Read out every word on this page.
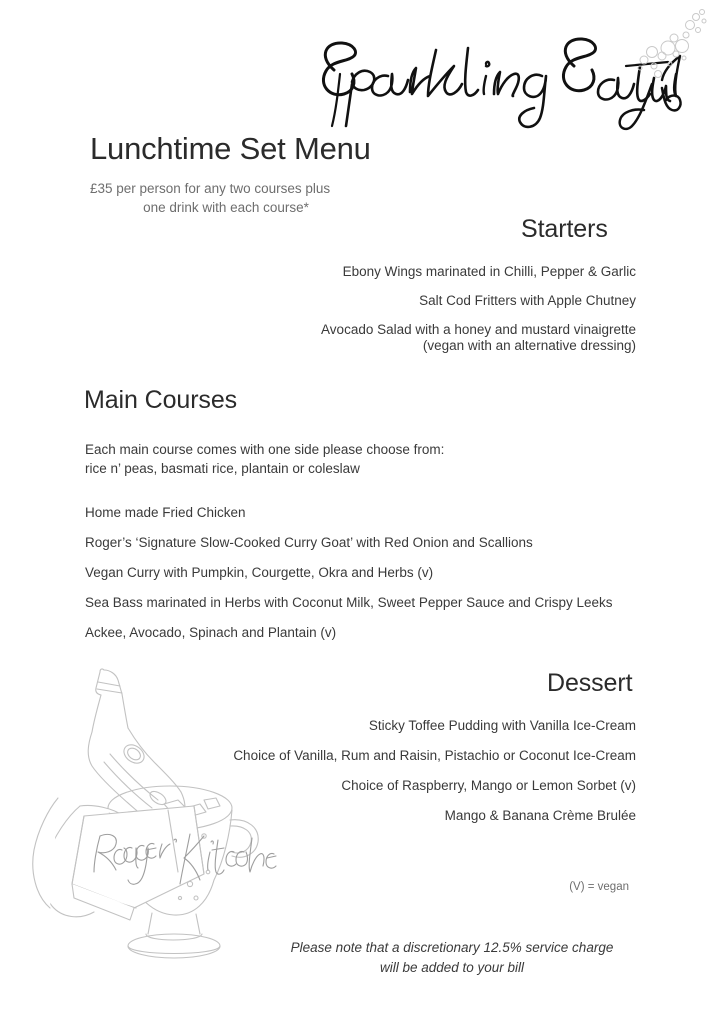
Lunchtime Set Menu
£35 per person for any two courses plus
one drink with each course*
Starters
Ebony Wings marinated in Chilli, Pepper & Garlic
Salt Cod Fritters with Apple Chutney
Avocado Salad with a honey and mustard vinaigrette
(vegan with an alternative dressing)
Main Courses
Each main course comes with one side please choose from:
rice n’ peas, basmati rice, plantain or coleslaw
Home made Fried Chicken
Roger’s ‘Signature Slow-Cooked Curry Goat’ with Red Onion and Scallions
Vegan Curry with Pumpkin, Courgette, Okra and Herbs (v)
Sea Bass marinated in Herbs with Coconut Milk, Sweet Pepper Sauce and Crispy Leeks
Ackee, Avocado, Spinach and Plantain (v)
Dessert
Sticky Toffee Pudding with Vanilla Ice-Cream
Choice of Vanilla, Rum and Raisin, Pistachio or Coconut Ice-Cream
Choice of Raspberry, Mango or Lemon Sorbet (v)
Mango & Banana Crème Brulée
(V) = vegan
Please note that a discretionary 12.5% service charge
will be added to your bill
